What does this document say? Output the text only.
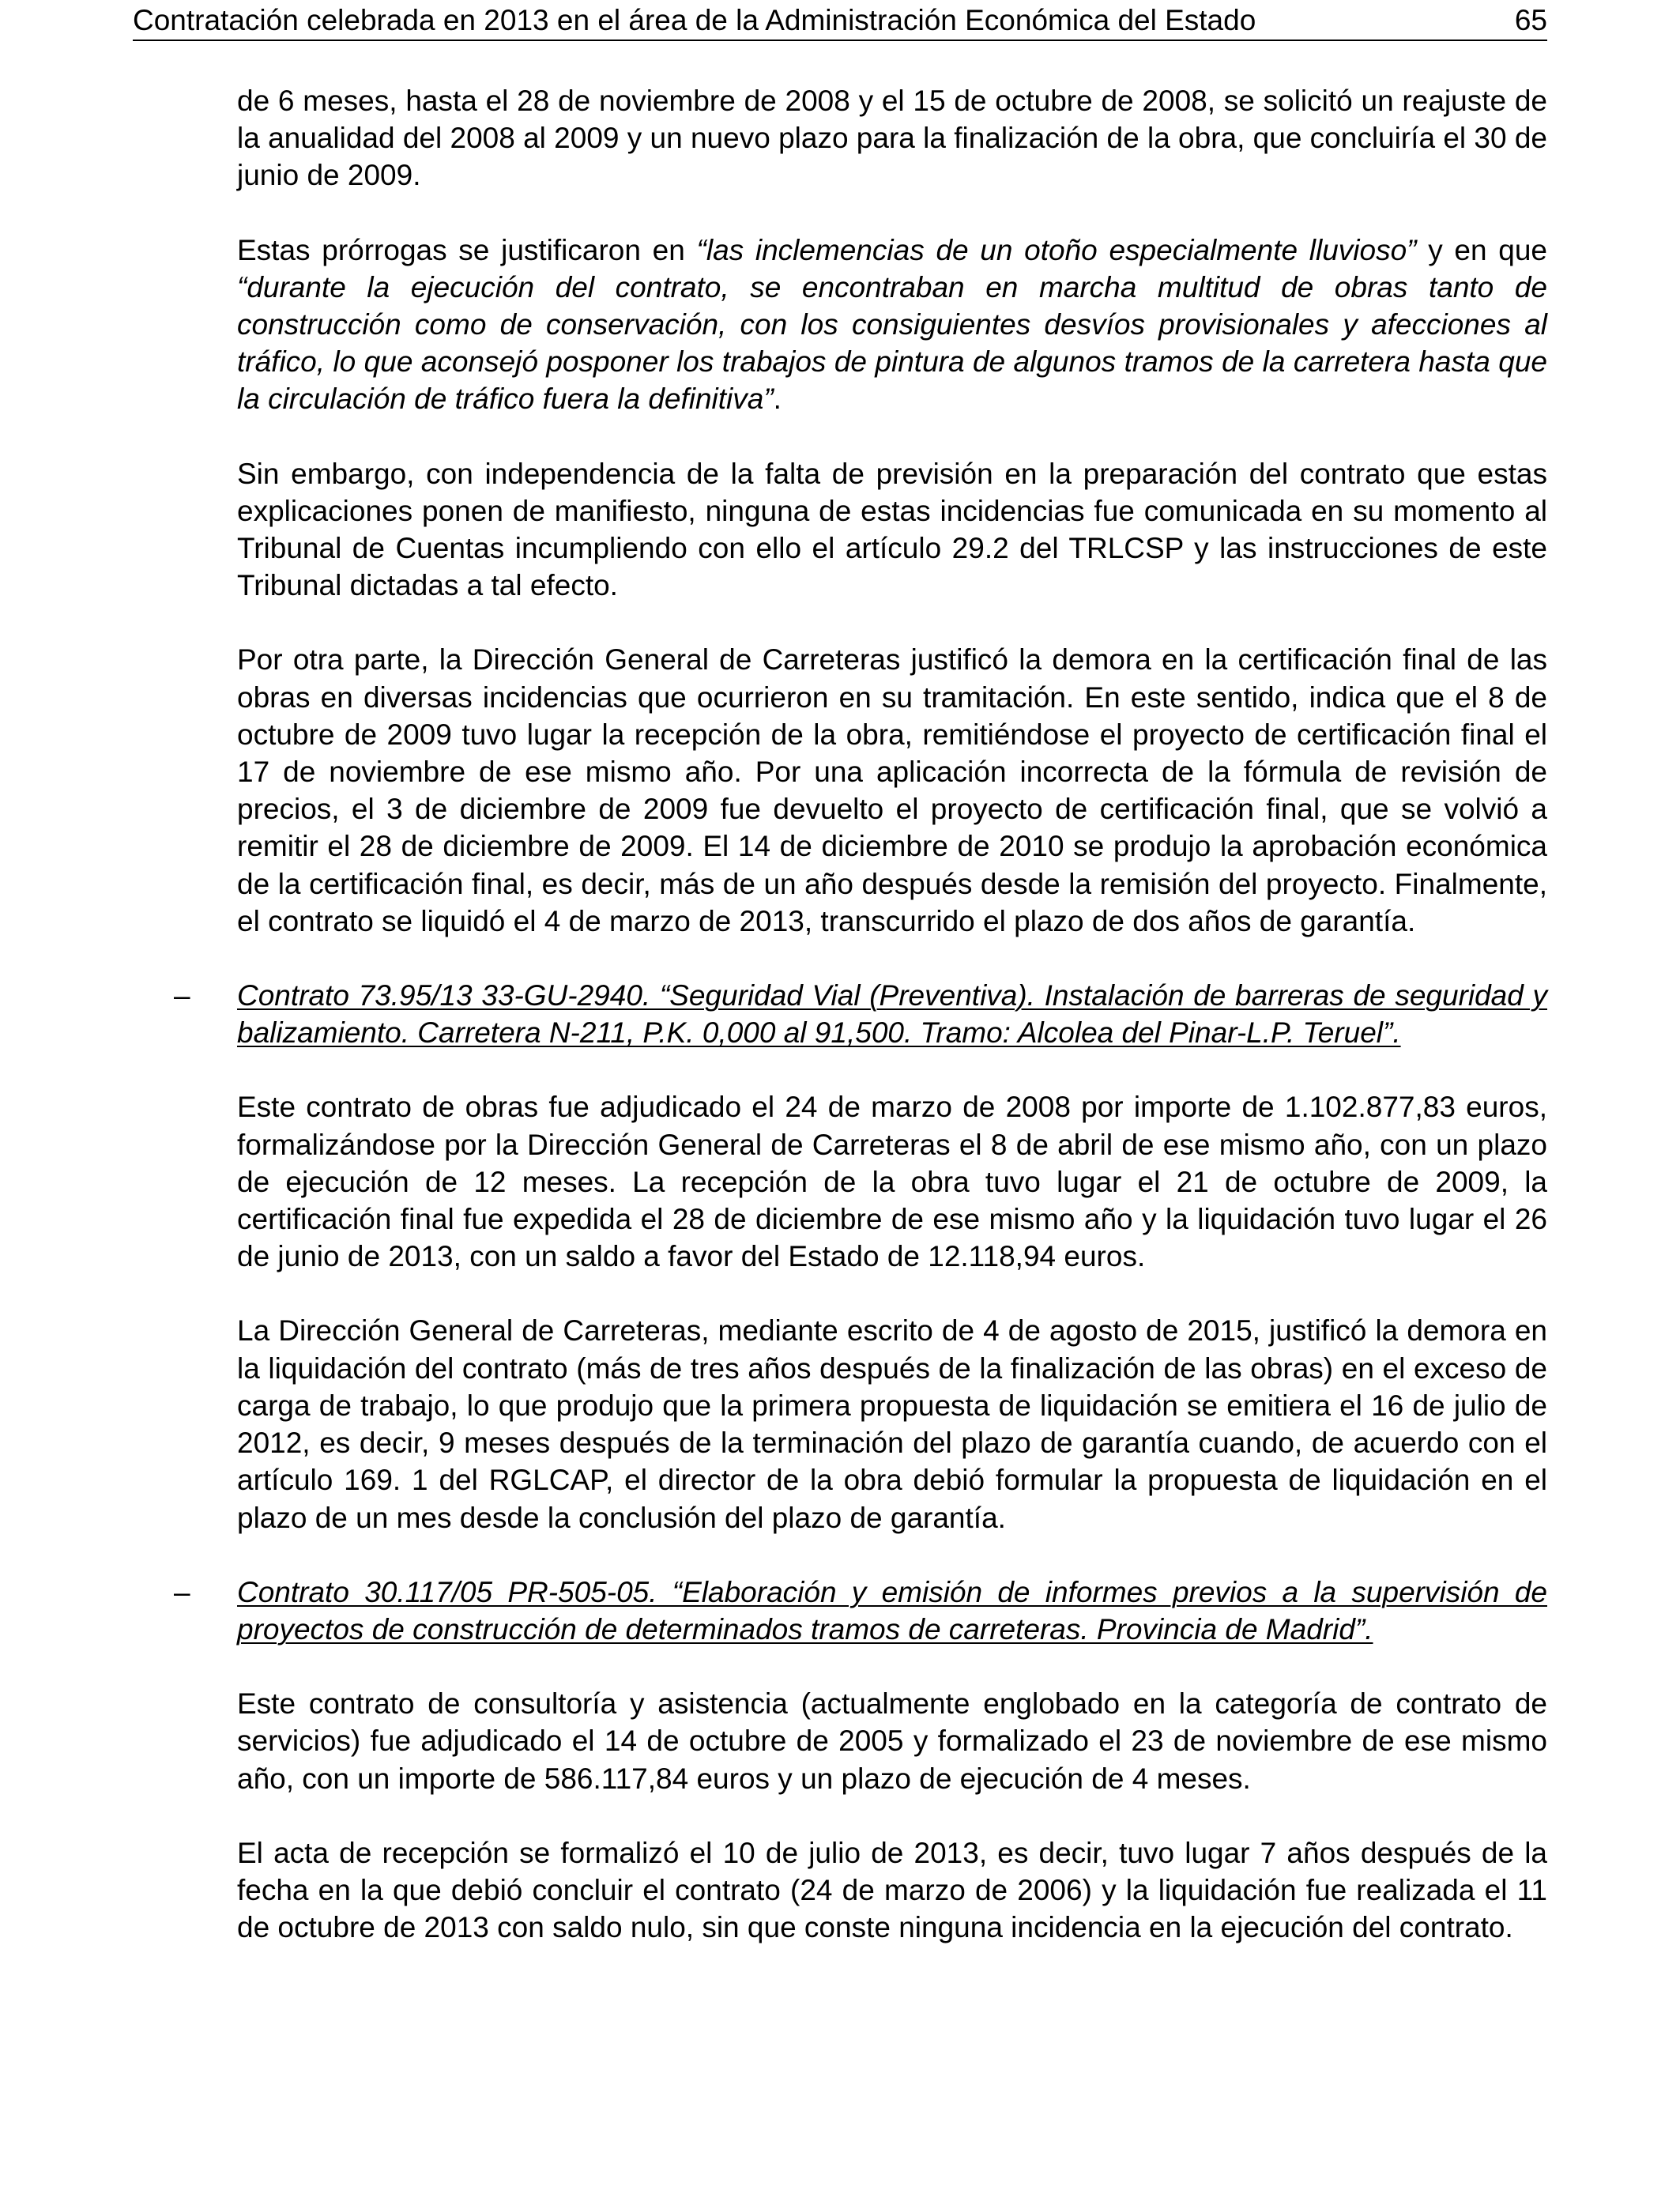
Contratación celebrada en 2013 en el área de la Administración Económica del Estado	65

de 6 meses, hasta el 28 de noviembre de 2008 y el 15 de octubre de 2008, se solicitó un reajuste de la anualidad del 2008 al 2009 y un nuevo plazo para la finalización de la obra, que concluiría el 30 de junio de 2009.

Estas prórrogas se justificaron en “las inclemencias de un otoño especialmente lluvioso” y en que “durante la ejecución del contrato, se encontraban en marcha multitud de obras tanto de construcción como de conservación, con los consiguientes desvíos provisionales y afecciones al tráfico, lo que aconsejó posponer los trabajos de pintura de algunos tramos de la carretera hasta que la circulación de tráfico fuera la definitiva”.

Sin embargo, con independencia de la falta de previsión en la preparación del contrato que estas explicaciones ponen de manifiesto, ninguna de estas incidencias fue comunicada en su momento al Tribunal de Cuentas incumpliendo con ello el artículo 29.2 del TRLCSP y las instrucciones de este Tribunal dictadas a tal efecto.

Por otra parte, la Dirección General de Carreteras justificó la demora en la certificación final de las obras en diversas incidencias que ocurrieron en su tramitación. En este sentido, indica que el 8 de octubre de 2009 tuvo lugar la recepción de la obra, remitiéndose el proyecto de certificación final el 17 de noviembre de ese mismo año. Por una aplicación incorrecta de la fórmula de revisión de precios, el 3 de diciembre de 2009 fue devuelto el proyecto de certificación final, que se volvió a remitir el 28 de diciembre de 2009. El 14 de diciembre de 2010 se produjo la aprobación económica de la certificación final, es decir, más de un año después desde la remisión del proyecto. Finalmente, el contrato se liquidó el 4 de marzo de 2013, transcurrido el plazo de dos años de garantía.

– Contrato 73.95/13 33-GU-2940. “Seguridad Vial (Preventiva). Instalación de barreras de seguridad y balizamiento. Carretera N-211, P.K. 0,000 al 91,500. Tramo: Alcolea del Pinar-L.P. Teruel”.

Este contrato de obras fue adjudicado el 24 de marzo de 2008 por importe de 1.102.877,83 euros, formalizándose por la Dirección General de Carreteras el 8 de abril de ese mismo año, con un plazo de ejecución de 12 meses. La recepción de la obra tuvo lugar el 21 de octubre de 2009, la certificación final fue expedida el 28 de diciembre de ese mismo año y la liquidación tuvo lugar el 26 de junio de 2013, con un saldo a favor del Estado de 12.118,94 euros.

La Dirección General de Carreteras, mediante escrito de 4 de agosto de 2015, justificó la demora en la liquidación del contrato (más de tres años después de la finalización de las obras) en el exceso de carga de trabajo, lo que produjo que la primera propuesta de liquidación se emitiera el 16 de julio de 2012, es decir, 9 meses después de la terminación del plazo de garantía cuando, de acuerdo con el artículo 169. 1 del RGLCAP, el director de la obra debió formular la propuesta de liquidación en el plazo de un mes desde la conclusión del plazo de garantía.

– Contrato 30.117/05 PR-505-05. “Elaboración y emisión de informes previos a la supervisión de proyectos de construcción de determinados tramos de carreteras. Provincia de Madrid”.

Este contrato de consultoría y asistencia (actualmente englobado en la categoría de contrato de servicios) fue adjudicado el 14 de octubre de 2005 y formalizado el 23 de noviembre de ese mismo año, con un importe de 586.117,84 euros y un plazo de ejecución de 4 meses.

El acta de recepción se formalizó el 10 de julio de 2013, es decir, tuvo lugar 7 años después de la fecha en la que debió concluir el contrato (24 de marzo de 2006) y la liquidación fue realizada el 11 de octubre de 2013 con saldo nulo, sin que conste ninguna incidencia en la ejecución del contrato.
